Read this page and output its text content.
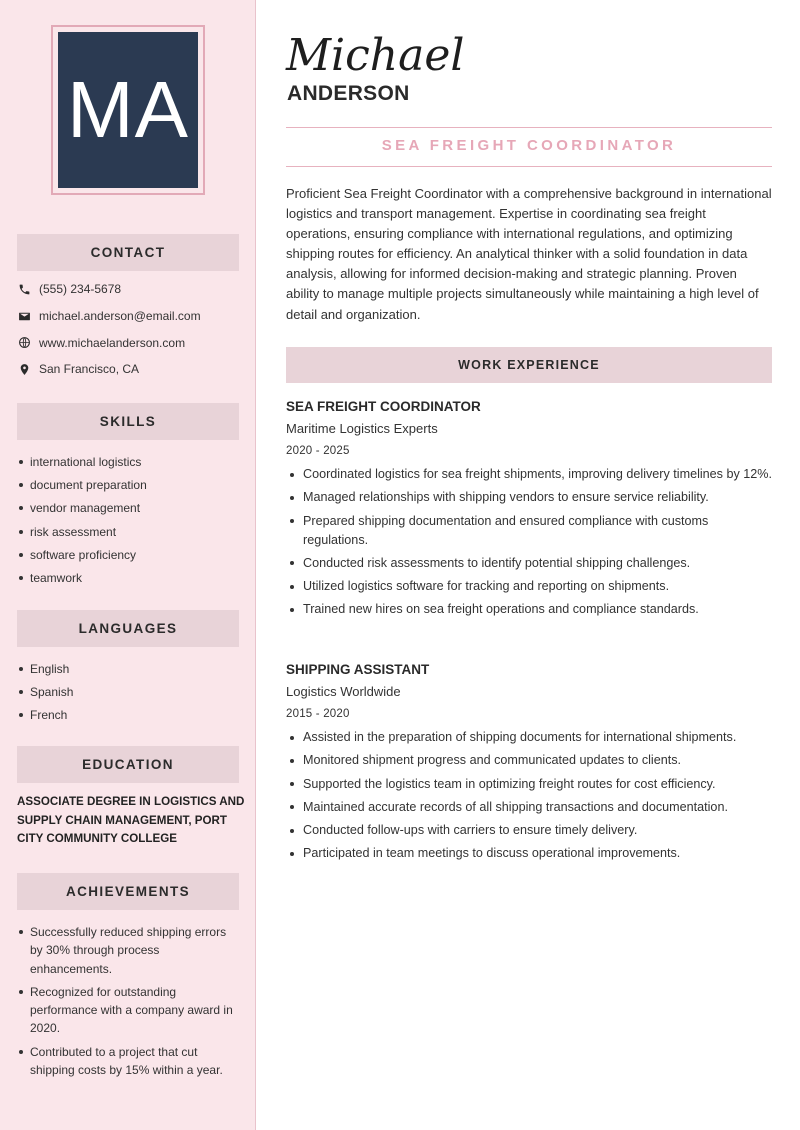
MA
CONTACT
(555) 234-5678
michael.anderson@email.com
www.michaelanderson.com
San Francisco, CA
SKILLS
international logistics
document preparation
vendor management
risk assessment
software proficiency
teamwork
LANGUAGES
English
Spanish
French
EDUCATION
ASSOCIATE DEGREE IN LOGISTICS AND SUPPLY CHAIN MANAGEMENT, PORT CITY COMMUNITY COLLEGE
ACHIEVEMENTS
Successfully reduced shipping errors by 30% through process enhancements.
Recognized for outstanding performance with a company award in 2020.
Contributed to a project that cut shipping costs by 15% within a year.
Michael
ANDERSON
SEA FREIGHT COORDINATOR

Proficient Sea Freight Coordinator with a comprehensive background in international logistics and transport management. Expertise in coordinating sea freight operations, ensuring compliance with international regulations, and optimizing shipping routes for efficiency. An analytical thinker with a solid foundation in data analysis, allowing for informed decision-making and strategic planning. Proven ability to manage multiple projects simultaneously while maintaining a high level of detail and organization.

WORK EXPERIENCE
SEA FREIGHT COORDINATOR
Maritime Logistics Experts
2020 - 2025
Coordinated logistics for sea freight shipments, improving delivery timelines by 12%.
Managed relationships with shipping vendors to ensure service reliability.
Prepared shipping documentation and ensured compliance with customs regulations.
Conducted risk assessments to identify potential shipping challenges.
Utilized logistics software for tracking and reporting on shipments.
Trained new hires on sea freight operations and compliance standards.
SHIPPING ASSISTANT
Logistics Worldwide
2015 - 2020
Assisted in the preparation of shipping documents for international shipments.
Monitored shipment progress and communicated updates to clients.
Supported the logistics team in optimizing freight routes for cost efficiency.
Maintained accurate records of all shipping transactions and documentation.
Conducted follow-ups with carriers to ensure timely delivery.
Participated in team meetings to discuss operational improvements.
